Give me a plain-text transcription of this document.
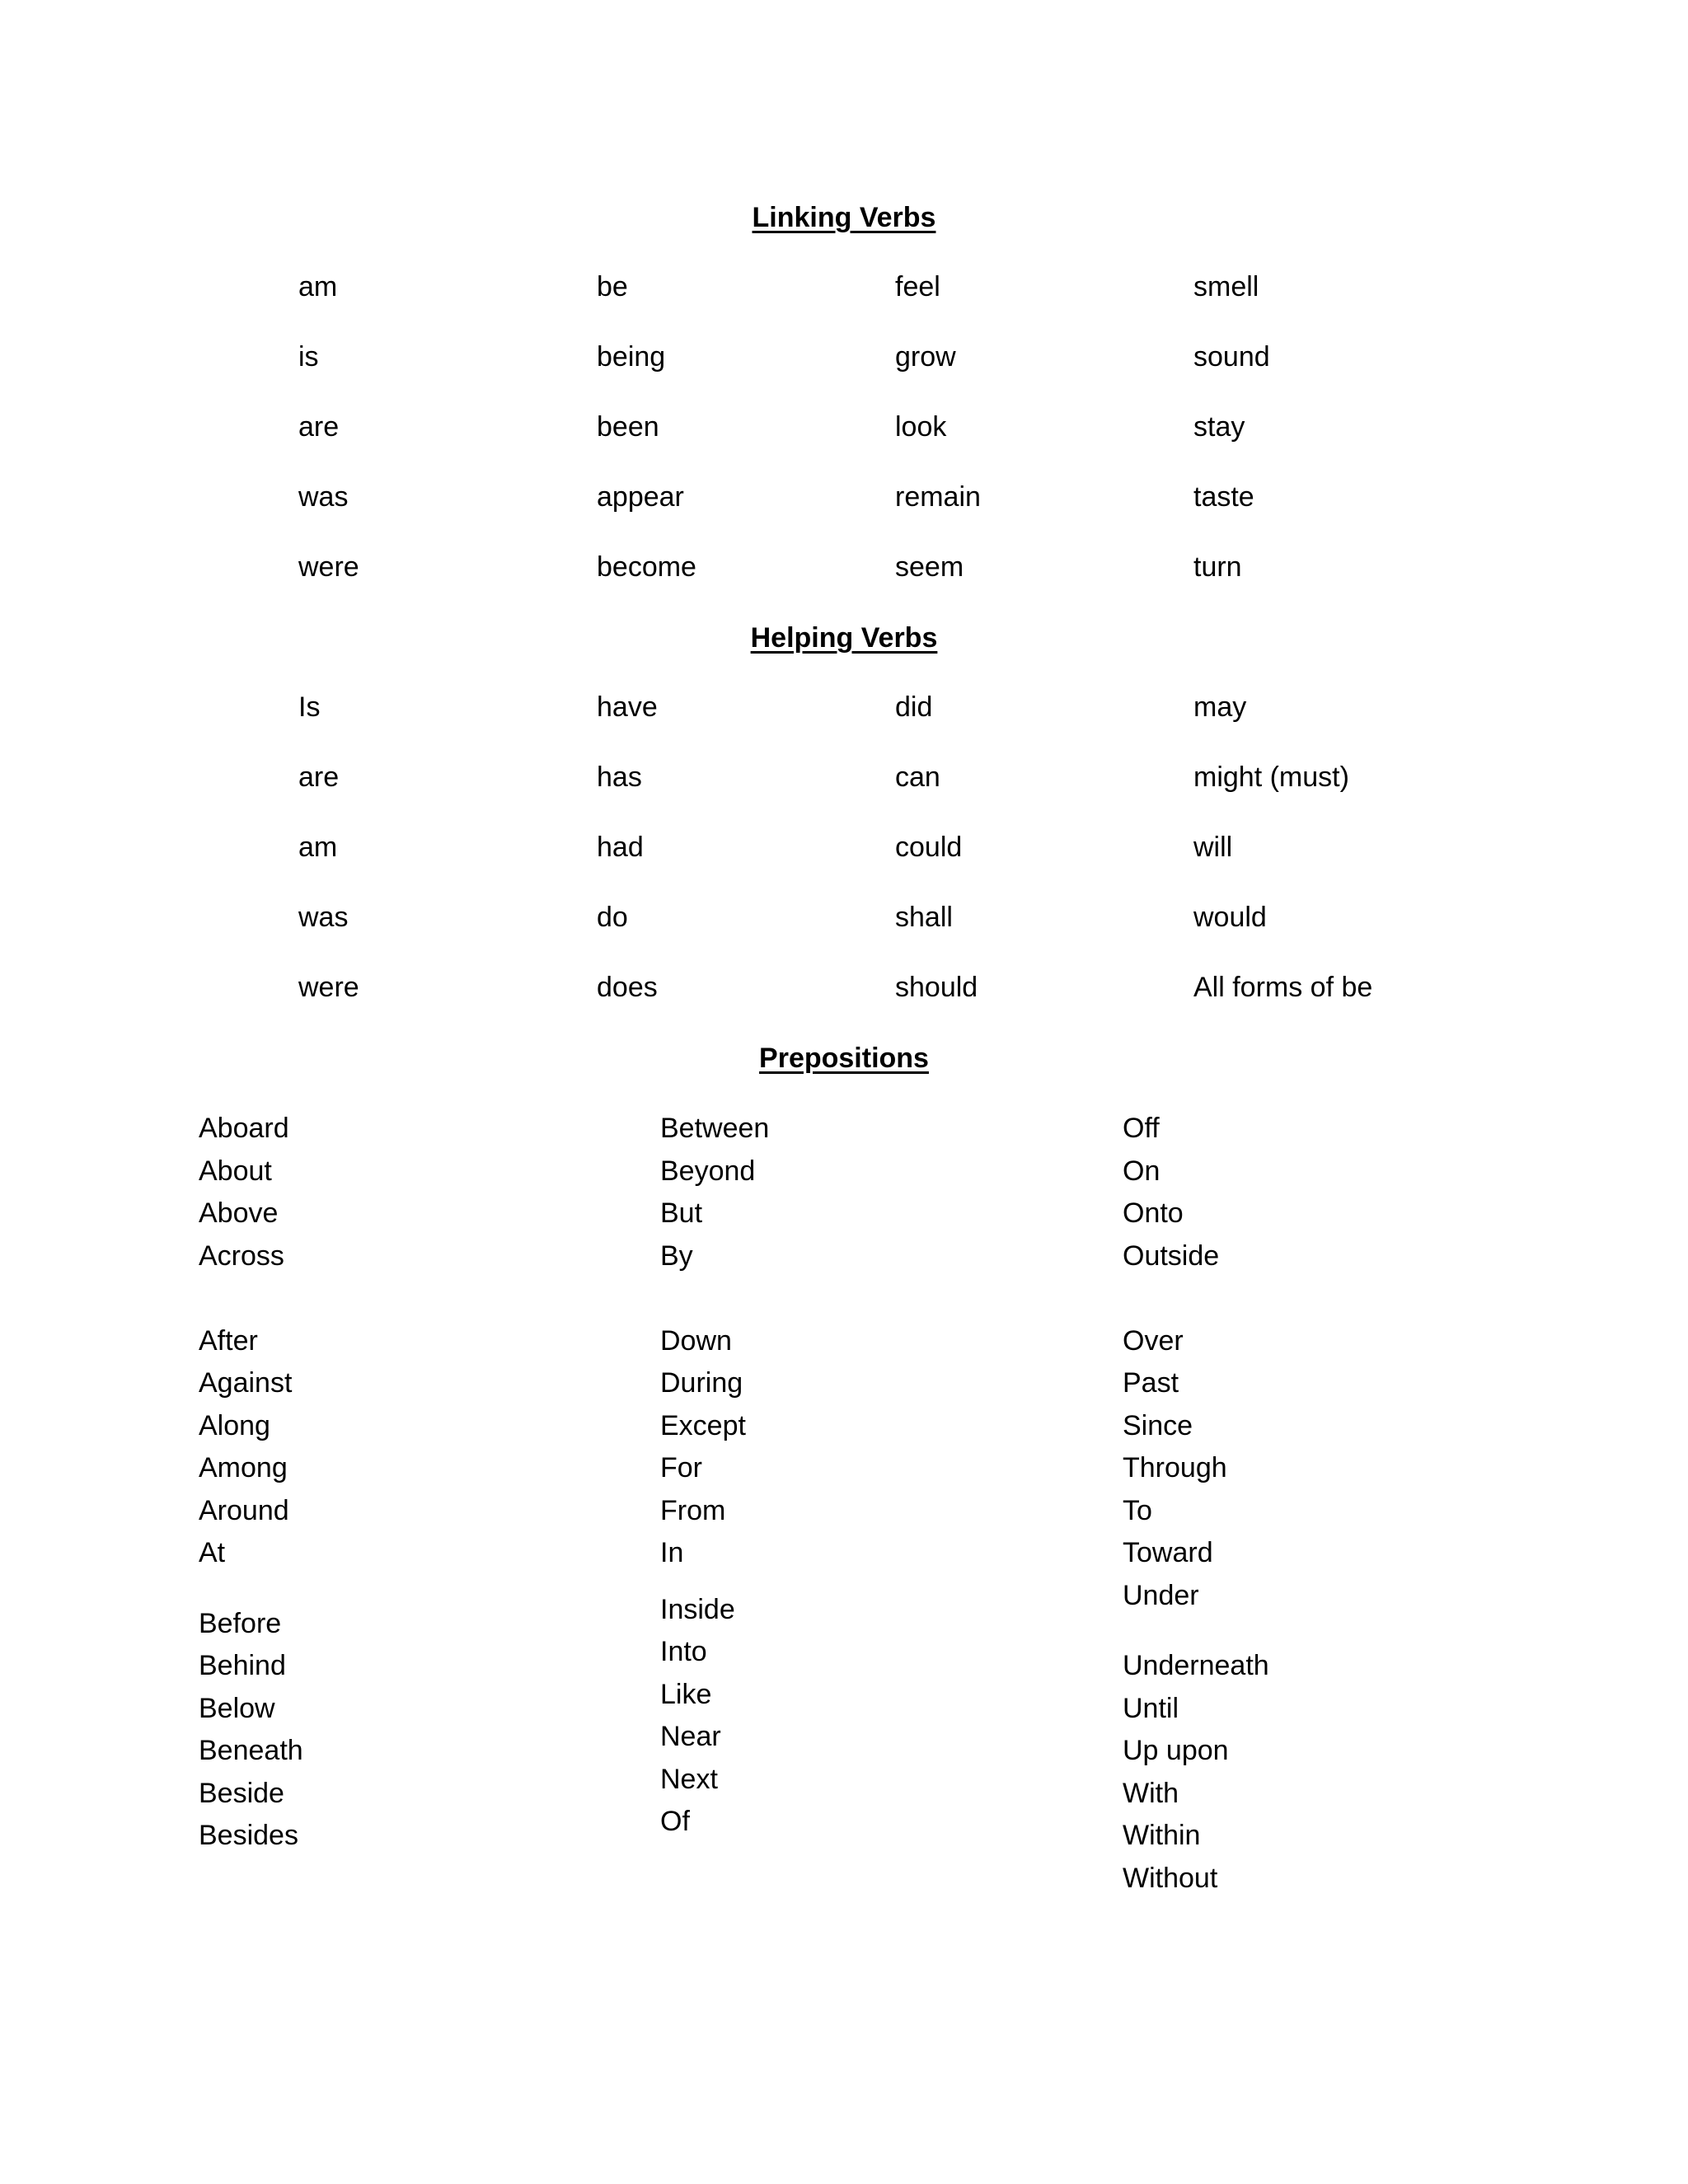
Linking Verbs
am	be	feel	smell
is	being	grow	sound
are	been	look	stay
was	appear	remain	taste
were	become	seem	turn
Helping Verbs
Is	have	did	may
are	has	can	might (must)
am	had	could	will
was	do	shall	would
were	does	should	All forms of be
Prepositions
Aboard
About
Above
Across
After
Against
Along
Among
Around
At
Before
Behind
Below
Beneath
Beside
Besides
Between
Beyond
But
By
Down
During
Except
For
From
In
Inside
Into
Like
Near
Next
Of
Off
On
Onto
Outside
Over
Past
Since
Through
To
Toward
Under
Underneath
Until
Up upon
With
Within
Without
